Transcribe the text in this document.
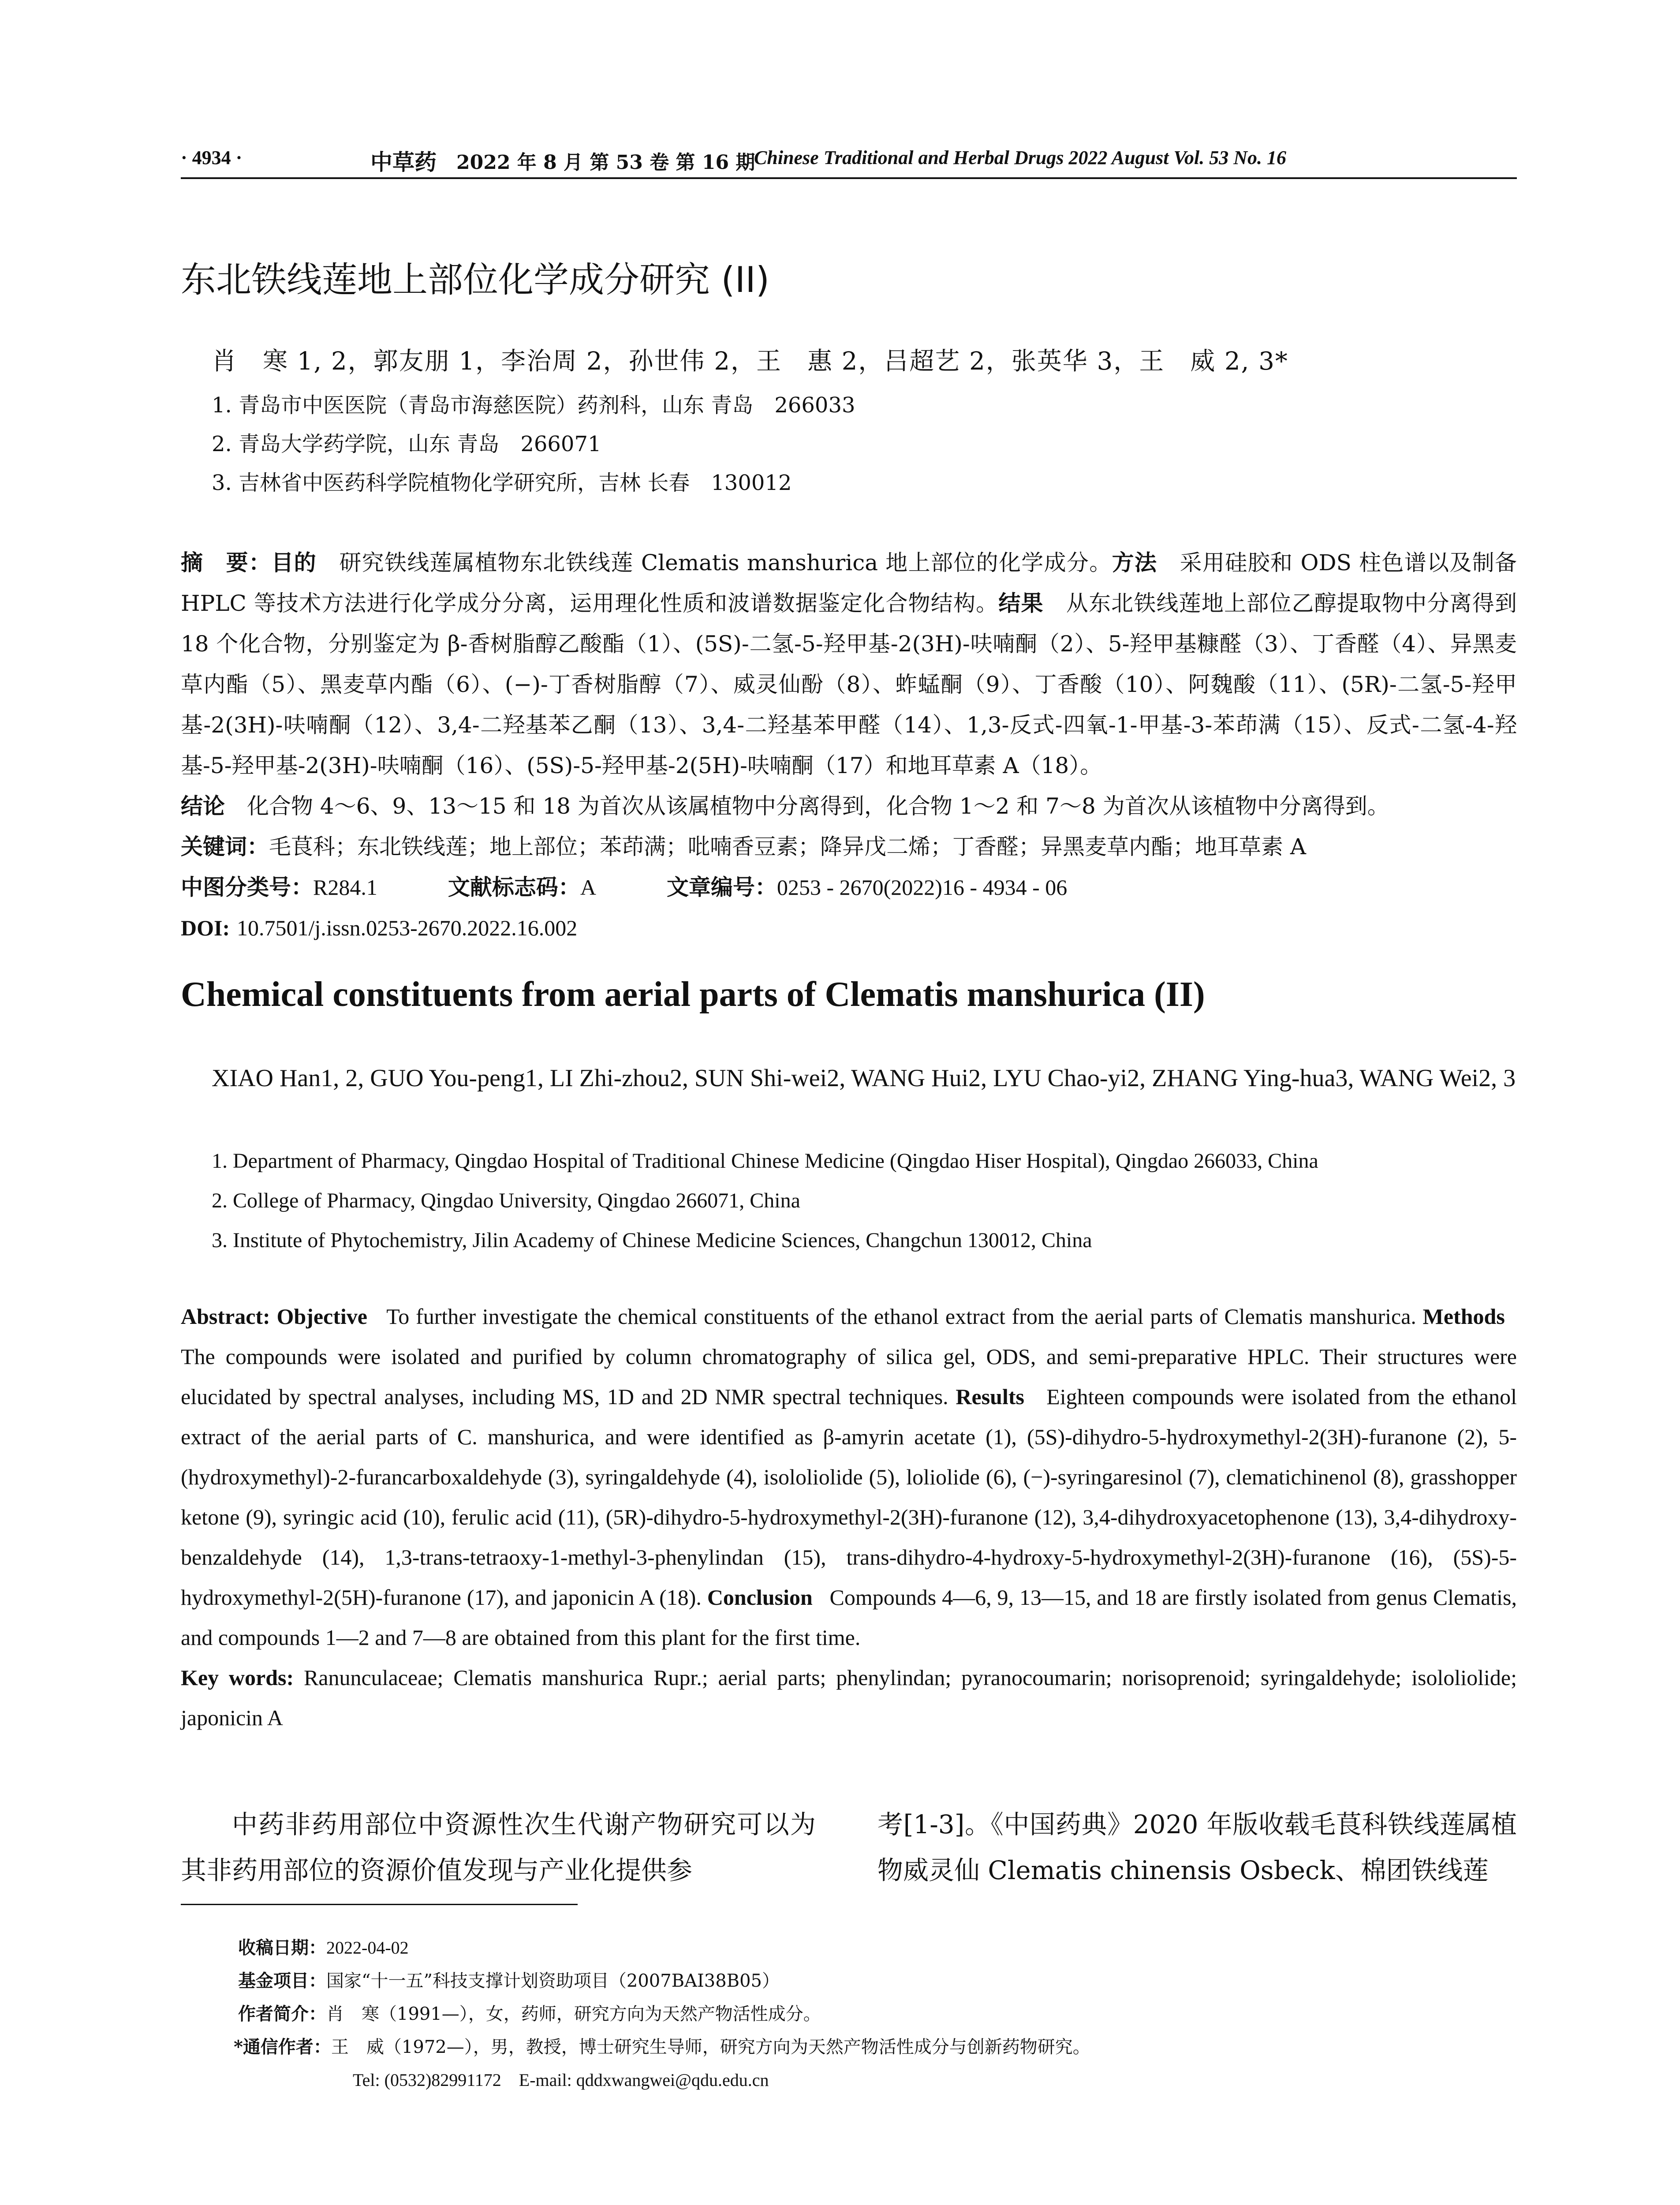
· 4934 ·	中草药 2022 年 8 月 第 53 卷 第 16 期
Chinese Traditional and Herbal Drugs 2022 August Vol. 53 No. 16
东北铁线莲地上部位化学成分研究 (II)
肖　寒 1, 2，郭友朋 1，李治周 2，孙世伟 2，王　惠 2，吕超艺 2，张英华 3，王　威 2, 3*
1. 青岛市中医医院（青岛市海慈医院）药剂科，山东 青岛　266033
2. 青岛大学药学院，山东 青岛　266071
3. 吉林省中医药科学院植物化学研究所，吉林 长春　130012
摘　要：目的　 研究铁线莲属植物东北铁线莲 Clematis manshurica 地上部位的化学成分。方法　 采用硅胶和 ODS 柱色谱以及制备 HPLC 等技术方法进行化学成分分离，运用理化性质和波谱数据鉴定化合物结构。结果　 从东北铁线莲地上部位乙醇提取物中分离得到 18 个化合物，分别鉴定为 β-香树脂醇乙酸酯（1）、(5S)-二氢-5-羟甲基-2(3H)-呋喃酮（2）、5-羟甲基糠醛（3）、丁香醛（4）、异黑麦草内酯（5）、黑麦草内酯（6）、(−)-丁香树脂醇（7）、威灵仙酚（8）、蚱蜢酮（9）、丁香酸（10）、阿魏酸（11）、(5R)-二氢-5-羟甲基-2(3H)-呋喃酮（12）、3,4-二羟基苯乙酮（13）、3,4-二羟基苯甲醛（14）、1,3-反式-四氧-1-甲基-3-苯茚满（15）、反式-二氢-4-羟基-5-羟甲基-2(3H)-呋喃酮（16）、(5S)-5-羟甲基-2(5H)-呋喃酮（17）和地耳草素 A（18）。
结论　 化合物 4～6、9、13～15 和 18 为首次从该属植物中分离得到，化合物 1～2 和 7～8 为首次从该植物中分离得到。
关键词：毛茛科；东北铁线莲；地上部位；苯茚满；吡喃香豆素；降异戊二烯；丁香醛；异黑麦草内酯；地耳草素 A
中图分类号：R284.1	文献标志码：A	文章编号：0253 - 2670(2022)16 - 4934 - 06
DOI: 10.7501/j.issn.0253-2670.2022.16.002
Chemical constituents from aerial parts of Clematis manshurica (II)
XIAO Han1, 2, GUO You-peng1, LI Zhi-zhou2, SUN Shi-wei2, WANG Hui2, LYU Chao-yi2, ZHANG Ying-hua3, WANG Wei2, 3
1. Department of Pharmacy, Qingdao Hospital of Traditional Chinese Medicine (Qingdao Hiser Hospital), Qingdao 266033, China
2. College of Pharmacy, Qingdao University, Qingdao 266071, China
3. Institute of Phytochemistry, Jilin Academy of Chinese Medicine Sciences, Changchun 130012, China
Abstract: Objective To further investigate the chemical constituents of the ethanol extract from the aerial parts of Clematis manshurica. Methods   The compounds were isolated and purified by column chromatography of silica gel, ODS, and semi-preparative HPLC. Their structures were elucidated by spectral analyses, including MS, 1D and 2D NMR spectral techniques. Results Eighteen compounds were isolated from the ethanol extract of the aerial parts of C. manshurica, and were identified as β-amyrin acetate (1), (5S)-dihydro-5-hydroxymethyl-2(3H)-furanone (2), 5-(hydroxymethyl)-2-furancarboxaldehyde (3), syringaldehyde (4), isololiolide (5), loliolide (6), (−)-syringaresinol (7), clematichinenol (8), grasshopper ketone (9), syringic acid (10), ferulic acid (11), (5R)-dihydro-5-hydroxymethyl-2(3H)-furanone (12), 3,4-dihydroxyacetophenone (13), 3,4-dihydroxy-benzaldehyde (14), 1,3-trans-tetraoxy-1-methyl-3-phenylindan (15), trans-dihydro-4-hydroxy-5-hydroxymethyl-2(3H)-furanone (16), (5S)-5-hydroxymethyl-2(5H)-furanone (17), and japonicin A (18). Conclusion Compounds 4—6, 9, 13—15, and 18 are firstly isolated from genus Clematis, and compounds 1—2 and 7—8 are obtained from this plant for the first time.
Key words: Ranunculaceae; Clematis manshurica Rupr.; aerial parts; phenylindan; pyranocoumarin; norisoprenoid; syringaldehyde; isololiolide; japonicin A
中药非药用部位中资源性次生代谢产物研究可以为其非药用部位的资源价值发现与产业化提供参
考[1-3]。《中国药典》2020 年版收载毛茛科铁线莲属植物威灵仙 Clematis chinensis Osbeck、棉团铁线莲
收稿日期：2022-04-02
基金项目：国家“十一五”科技支撑计划资助项目（2007BAI38B05）
作者简介：肖　寒（1991—），女，药师，研究方向为天然产物活性成分。
*通信作者：王　威（1972—），男，教授，博士研究生导师，研究方向为天然产物活性成分与创新药物研究。
Tel: (0532)82991172　E-mail: qddxwangwei@qdu.edu.cn
